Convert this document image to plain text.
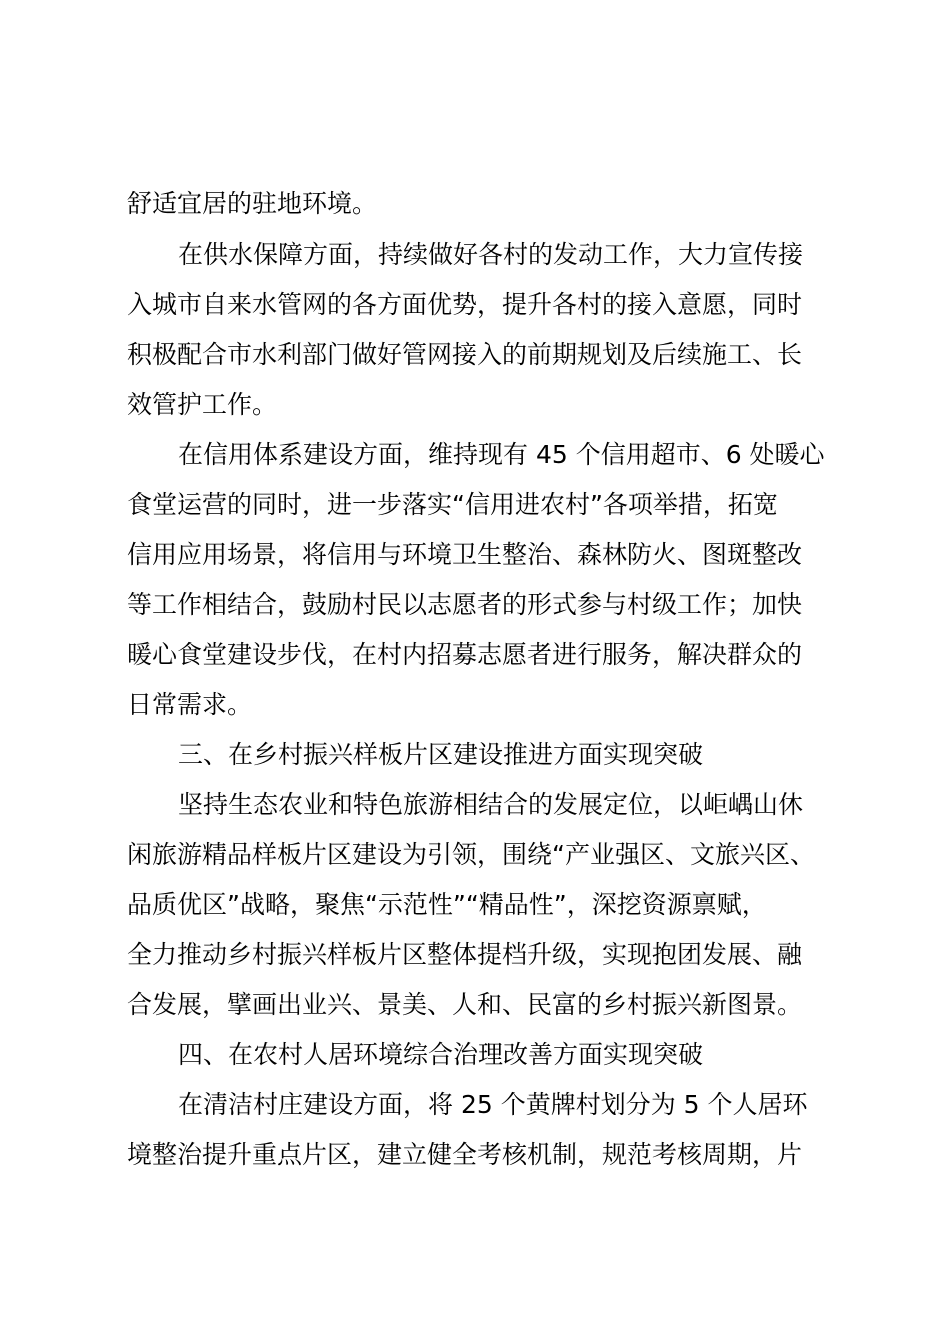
舒适宜居的驻地环境。

在供水保障方面，持续做好各村的发动工作，大力宣传接

入城市自来水管网的各方面优势，提升各村的接入意愿，同时

积极配合市水利部门做好管网接入的前期规划及后续施工、长

效管护工作。

在信用体系建设方面，维持现有 45 个信用超市、6 处暖心

食堂运营的同时，进一步落实“信用进农村”各项举措，拓宽

信用应用场景，将信用与环境卫生整治、森林防火、图斑整改

等工作相结合，鼓励村民以志愿者的形式参与村级工作；加快

暖心食堂建设步伐，在村内招募志愿者进行服务，解决群众的

日常需求。

三、在乡村振兴样板片区建设推进方面实现突破

坚持生态农业和特色旅游相结合的发展定位，以岠嵎山休

闲旅游精品样板片区建设为引领，围绕“产业强区、文旅兴区、

品质优区”战略，聚焦“示范性”“精品性”，深挖资源禀赋，

全力推动乡村振兴样板片区整体提档升级，实现抱团发展、融

合发展，擘画出业兴、景美、人和、民富的乡村振兴新图景。

四、在农村人居环境综合治理改善方面实现突破

在清洁村庄建设方面，将 25 个黄牌村划分为 5 个人居环

境整治提升重点片区，建立健全考核机制，规范考核周期，片
